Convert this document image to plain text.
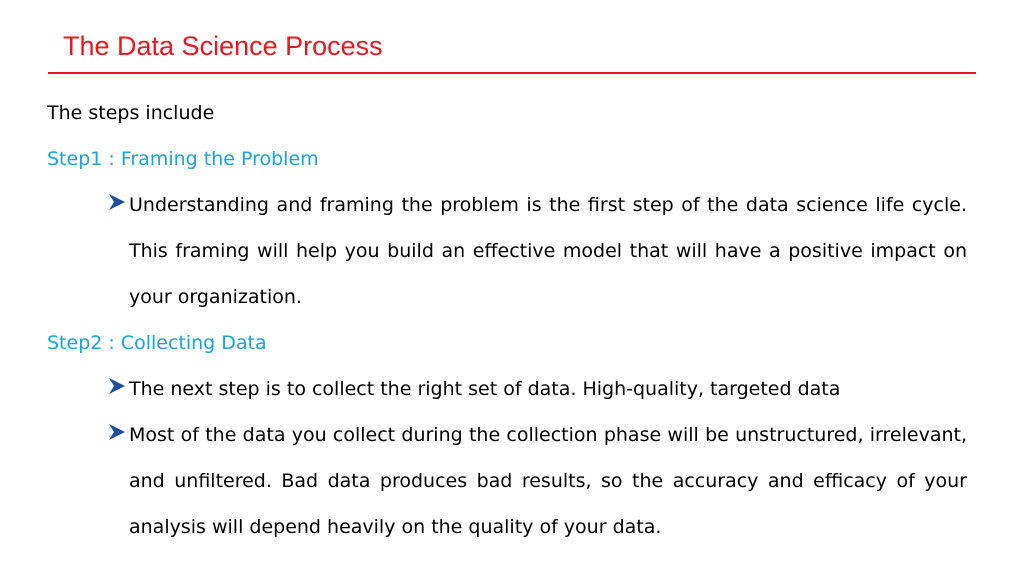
The Data Science Process
The steps include
Step1 : Framing the Problem
Understanding and framing the problem is the first step of the data science life cycle. This framing will help you build an effective model that will have a positive impact on your organization.
Step2 : Collecting Data
The next step is to collect the right set of data. High-quality, targeted data
Most of the data you collect during the collection phase will be unstructured, irrelevant, and unfiltered. Bad data produces bad results, so the accuracy and efficacy of your analysis will depend heavily on the quality of your data.
